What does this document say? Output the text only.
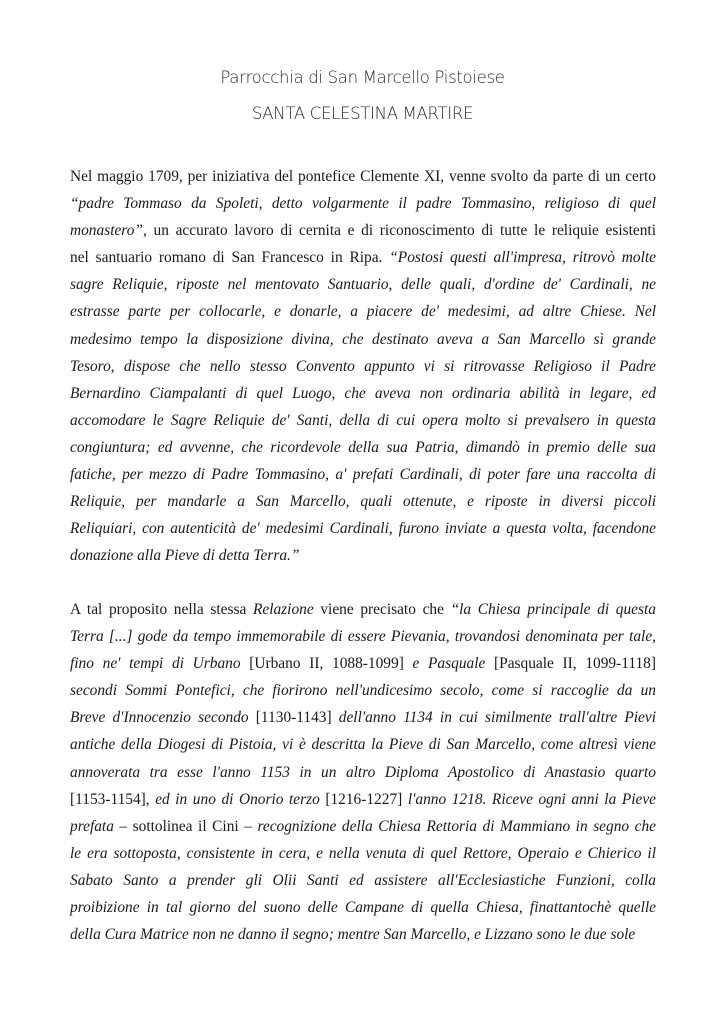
Parrocchia di San Marcello Pistoiese
SANTA CELESTINA MARTIRE
Nel maggio 1709, per iniziativa del pontefice Clemente XI, venne svolto da parte di un certo
“padre Tommaso da Spoleti, detto volgarmente il padre Tommasino, religioso di quel
monastero”, un accurato lavoro di cernita e di riconoscimento di tutte le reliquie esistenti
nel santuario romano di San Francesco in Ripa. “Postosi questi all'impresa, ritrovò molte
sagre Reliquie, riposte nel mentovato Santuario, delle quali, d'ordine de' Cardinali, ne
estrasse parte per collocarle, e donarle, a piacere de' medesimi, ad altre Chiese. Nel
medesimo tempo la disposizione divina, che destinato aveva a San Marcello sì grande
Tesoro, dispose che nello stesso Convento appunto vi si ritrovasse Religioso il Padre
Bernardino Ciampalanti di quel Luogo, che aveva non ordinaria abilità in legare, ed
accomodare le Sagre Reliquie de' Santi, della di cui opera molto si prevalsero in questa
congiuntura; ed avvenne, che ricordevole della sua Patria, dimandò in premio delle sua
fatiche, per mezzo di Padre Tommasino, a' prefati Cardinali, di poter fare una raccolta di
Reliquie, per mandarle a San Marcello, quali ottenute, e riposte in diversi piccoli
Reliquiari, con autenticità de' medesimi Cardinali, furono inviate a questa volta, facendone
donazione alla Pieve di detta Terra.”
A tal proposito nella stessa Relazione viene precisato che “la Chiesa principale di questa
Terra [...] gode da tempo immemorabile di essere Pievania, trovandosi denominata per tale,
fino ne' tempi di Urbano [Urbano II, 1088-1099] e Pasquale [Pasquale II, 1099-1118]
secondi Sommi Pontefici, che fiorirono nell'undicesimo secolo, come si raccoglie da un
Breve d'Innocenzio secondo [1130-1143] dell'anno 1134 in cui similmente trall'altre Pievi
antiche della Diogesi di Pistoia, vi è descritta la Pieve di San Marcello, come altresì viene
annoverata tra esse l'anno 1153 in un altro Diploma Apostolico di Anastasio quarto
[1153-1154], ed in uno di Onorio terzo [1216-1227] l'anno 1218. Riceve ogni anni la Pieve
prefata – sottolinea il Cini – recognizione della Chiesa Rettoria di Mammiano in segno che
le era sottoposta, consistente in cera, e nella venuta di quel Rettore, Operaio e Chierico il
Sabato Santo a prender gli Olii Santi ed assistere all'Ecclesiastiche Funzioni, colla
proibizione in tal giorno del suono delle Campane di quella Chiesa, finattantochè quelle
della Cura Matrice non ne danno il segno; mentre San Marcello, e Lizzano sono le due sole
